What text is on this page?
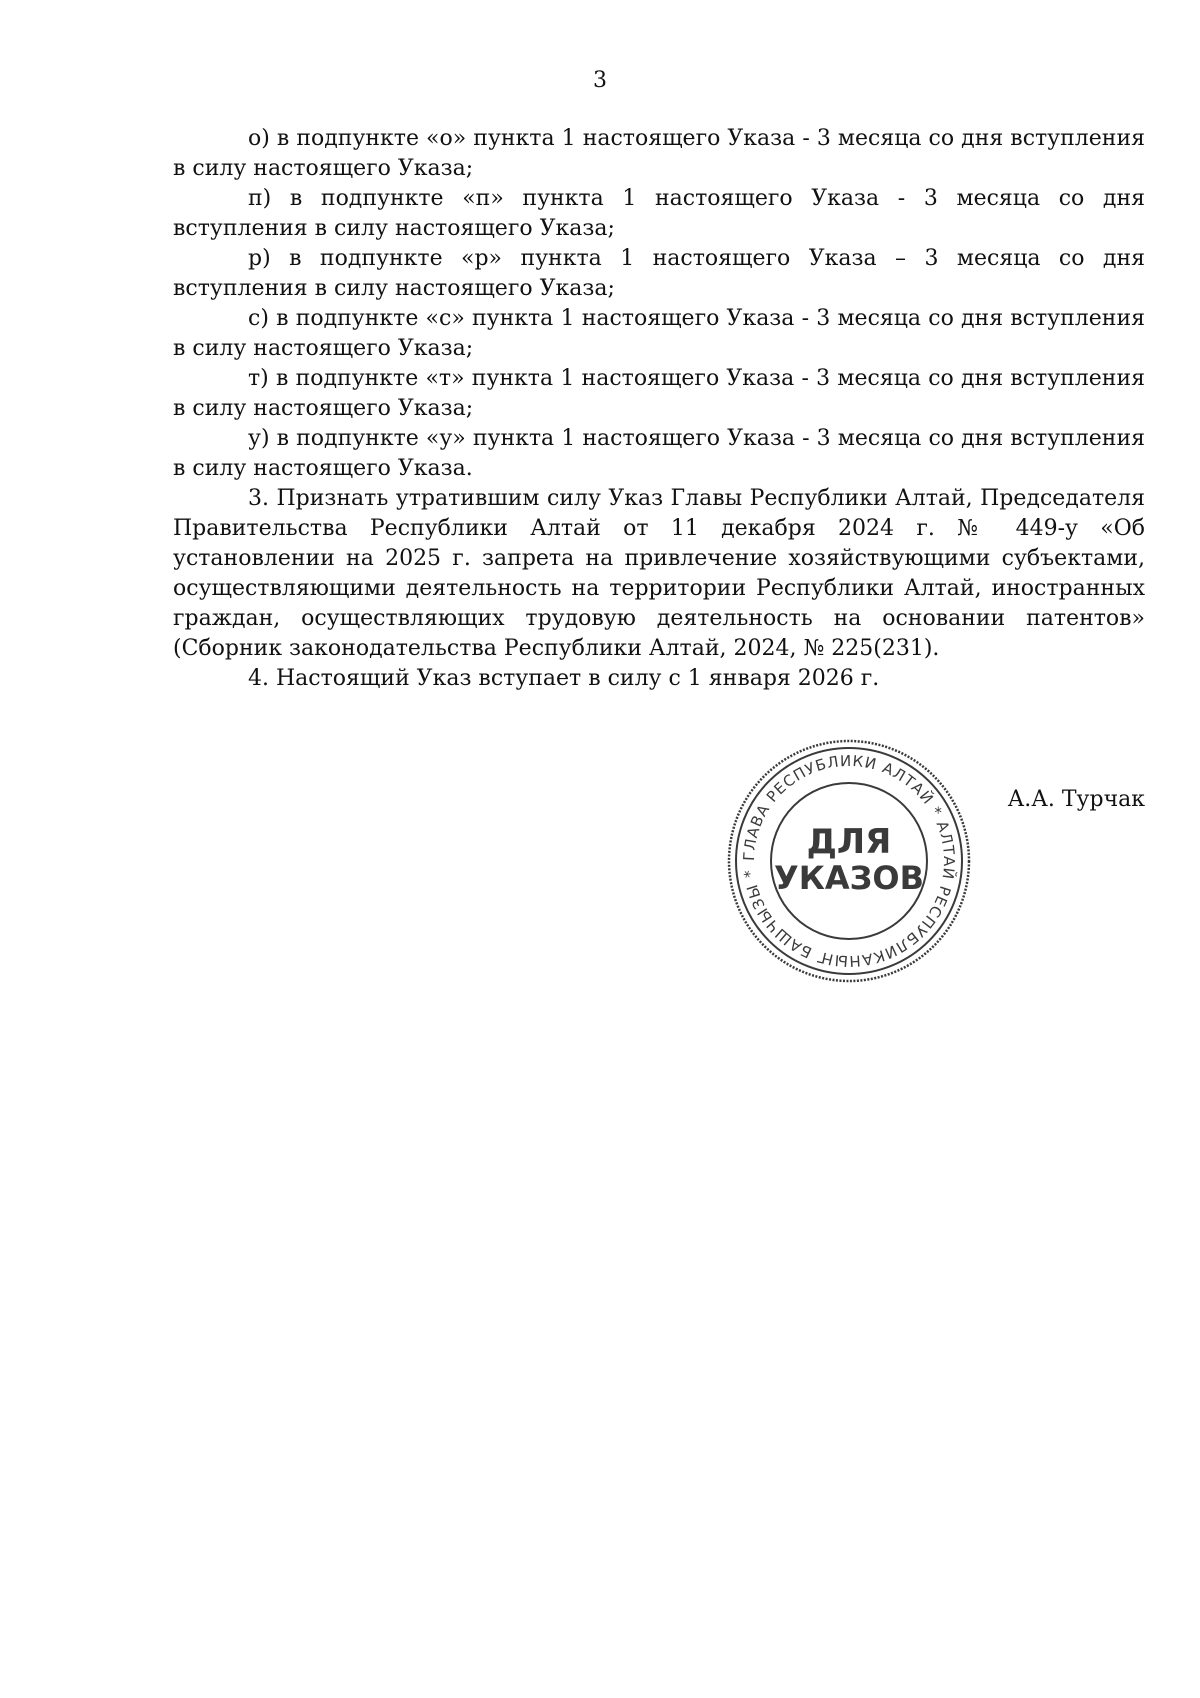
3

о) в подпункте «о» пункта 1 настоящего Указа - 3 месяца со дня вступления в силу настоящего Указа;

п) в подпункте «п» пункта 1 настоящего Указа - 3 месяца со дня вступления в силу настоящего Указа;

р) в подпункте «р» пункта 1 настоящего Указа – 3 месяца со дня вступления в силу настоящего Указа;

с) в подпункте «с» пункта 1 настоящего Указа - 3 месяца со дня вступления в силу настоящего Указа;

т) в подпункте «т» пункта 1 настоящего Указа - 3 месяца со дня вступления в силу настоящего Указа;

у) в подпункте «у» пункта 1 настоящего Указа - 3 месяца со дня вступления в силу настоящего Указа.

3. Признать утратившим силу Указ Главы Республики Алтай, Председателя Правительства Республики Алтай от 11 декабря 2024 г. № 449-у «Об установлении на 2025 г. запрета на привлечение хозяйствующими субъектами, осуществляющими деятельность на территории Республики Алтай, иностранных граждан, осуществляющих трудовую деятельность на основании патентов» (Сборник законодательства Республики Алтай, 2024, № 225(231).

4. Настоящий Указ вступает в силу с 1 января 2026 г.

ГЛАВА РЕСПУБЛИКИ АЛТАЙ * АЛТАЙ РЕСПУБЛИКАНЫҤ БАШЧЫЗЫ *
ДЛЯ
УКАЗОВ
А.А. Турчак
